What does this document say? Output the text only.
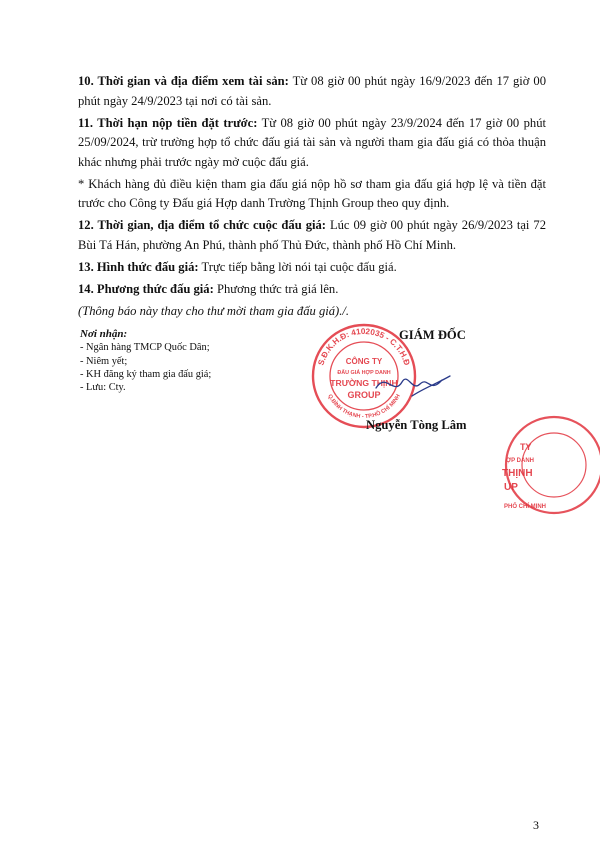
10. Thời gian và địa điểm xem tài sản: Từ 08 giờ 00 phút ngày 16/9/2023 đến 17 giờ 00 phút ngày 24/9/2023 tại nơi có tài sản.

11. Thời hạn nộp tiền đặt trước: Từ 08 giờ 00 phút ngày 23/9/2024 đến 17 giờ 00 phút 25/09/2024, trừ trường hợp tổ chức đấu giá tài sản và người tham gia đấu giá có thỏa thuận khác nhưng phải trước ngày mở cuộc đấu giá.

* Khách hàng đủ điều kiện tham gia đấu giá nộp hồ sơ tham gia đấu giá hợp lệ và tiền đặt trước cho Công ty Đấu giá Hợp danh Trường Thịnh Group theo quy định.

12. Thời gian, địa điểm tổ chức cuộc đấu giá: Lúc 09 giờ 00 phút ngày 26/9/2023 tại 72 Bùi Tá Hán, phường An Phú, thành phố Thủ Đức, thành phố Hồ Chí Minh.

13. Hình thức đấu giá: Trực tiếp bằng lời nói tại cuộc đấu giá.

14. Phương thức đấu giá: Phương thức trả giá lên.

(Thông báo này thay cho thư mời tham gia đấu giá)./.

Nơi nhận:
- Ngân hàng TMCP Quốc Dân;
- Niêm yết;
- KH đăng ký tham gia đấu giá;
- Lưu: Cty.
S.Đ.K.H.Đ: 4102035 - C.T.H.Đ
Q.BÌNH THẠNH - TP.HỒ CHÍ MINH
CÔNG TY
ĐẤU GIÁ HỢP DANH
TRƯỜNG THỊNH
GROUP
GIÁM ĐỐC
Nguyễn Tòng Lâm
TY
ỢP DANH
THỊNH
UP
PHỐ CHÍ MINH
3
